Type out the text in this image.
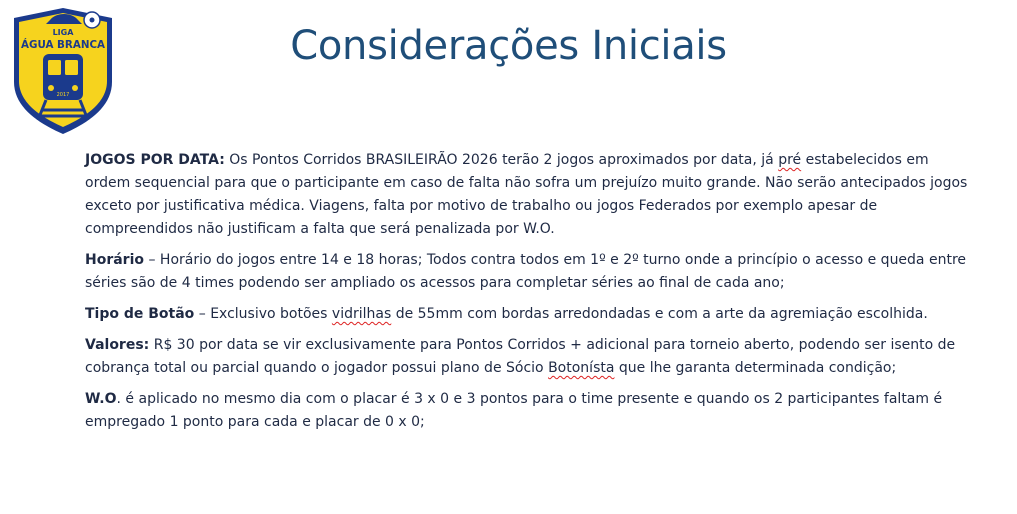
LIGA
ÁGUA BRANCA
2017
Considerações Iniciais

JOGOS POR DATA: Os Pontos Corridos BRASILEIRÃO 2026 terão 2 jogos aproximados por data, já pré estabelecidos em ordem sequencial para que o participante em caso de falta não sofra um prejuízo muito grande. Não serão antecipados jogos exceto por justificativa médica. Viagens, falta por motivo de trabalho ou jogos Federados por exemplo apesar de compreendidos não justificam a falta que será penalizada por W.O.

Horário – Horário do jogos entre 14 e 18 horas; Todos contra todos em 1º e 2º turno onde a princípio o acesso e queda entre séries são de 4 times podendo ser ampliado os acessos para completar séries ao final de cada ano;

Tipo de Botão – Exclusivo botões vidrilhas de 55mm com bordas arredondadas e com a arte da agremiação escolhida.

Valores: R$ 30 por data se vir exclusivamente para Pontos Corridos + adicional para torneio aberto, podendo ser isento de cobrança total ou parcial quando o jogador possui plano de Sócio Botonísta que lhe garanta determinada condição;

W.O. é aplicado no mesmo dia com o placar é 3 x 0 e 3 pontos para o time presente e quando os 2 participantes faltam é empregado 1 ponto para cada e placar de 0 x 0;
